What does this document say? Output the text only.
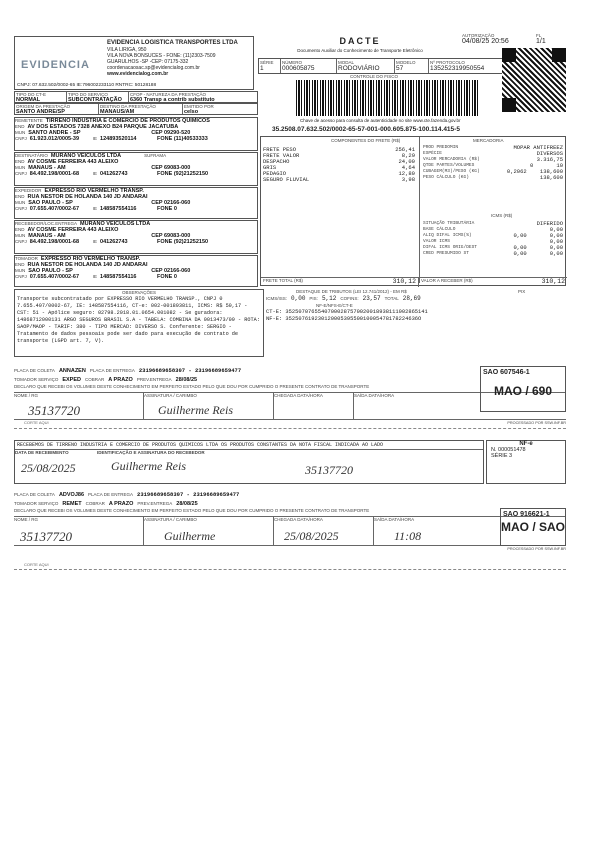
EVIDENCIA
EVIDENCIA LOGISTICA TRANSPORTES LTDA
VILA LIRIGA, 950
VILA NOVA BONSUCES - FONE: (11)2303-7509
GUARULHOS -SP -CEP: 07175-332
coordenacaosac.sp@evidencialog.com.br
www.evidencialog.com.br
CNPJ: 07.632.502/0002-65 IE:796002233110 RNTRC: 50128188
DACTE
Documento Auxiliar do Conhecimento de Transporte Eletrônico
AUTORIZAÇÃO
04/08/25 20:56
FL
1/1
SÉRIE
1
NÚMERO
000605875
MODAL
RODOVIÁRIO
MODELO
57
Nº PROTOCOLO
135252319950554
CONTROLE DO FISCO
Chave de acesso para consulta de autenticidade no site www.cte.fazenda.gov.br
35.2508.07.632.502/0002-65-57-001-000.605.875-100.114.415-5
TIPO DO CT-E
NORMAL
TIPO DO SERVIÇO
SUBCONTRATAÇÃO
CFOP - NATUREZA DA PRESTAÇÃO
6360 Transp a contrib substituto
ORIGEM DA PRESTAÇÃO
SANTO ANDRE/SP
DESTINO DA PRESTAÇÃO
MANAUS/AM
EMITIDO POR
celso
REMETENTE TIRRENO INDUSTRIA E COMERCIO DE PRODUTOS QUIMICOS
END AV DOS ESTADOS 7328 ANEXO B24 PARQUE JACATUBA
MUN SANTO ANDRE - SP	CEP 09290-520
CNPJ 61.923.012/0005-39	IE 124893520114	FONE (11)40533333
DESTINATÁRIO MURANO VEICULOS LTDA	SUFRAMA
END AV COSME FERREIRA 443 ALEIXO
MUN MANAUS - AM	CEP 69083-000
CNPJ 84.492.198/0001-68	IE 041262743	FONE (92)21252150
EXPEDIDOR EXPRESSO RIO VERMELHO TRANSP.
END RUA NESTOR DE HOLANDA 140 JD ANDARAI
MUN SAO PAULO - SP	CEP 02166-060
CNPJ 07.655.407/0002-67	IE 148587554116	FONE 0
RECEBEDOR/LOC.ENTREGA MURANO VEICULOS LTDA
END AV COSME FERREIRA 443 ALEIXO
MUN MANAUS - AM	CEP 69083-000
CNPJ 84.492.198/0001-68	IE 041262743	FONE (92)21252150
TOMADOR EXPRESSO RIO VERMELHO TRANSP.
END RUA NESTOR DE HOLANDA 140 JD ANDARAI
MUN SAO PAULO - SP	CEP 02166-060
CNPJ 07.655.407/0002-67	IE 148587554116	FONE 0
COMPONENTES DO FRETE (R$)	MERCADORIA
FRETE PESO	256,41
FRETE VALOR	8,29
DESPACHO	24,00
GRIS	4,64
PEDAGIO	12,80
SEGURO FLUVIAL	3,98
PROD PREDOMIN	MOPAR ANTIFREEZ
ESPÉCIE	DIVERSOS
VALOR MERCADORIA (R$)	3.316,75
QTDE PARTES/VOLUMES	0       10
CUBAGEM(M3)/PESO (KG)	0,2062    138,600
PESO CÁLCULO (KG)	138,600
ICMS (R$)
SITUAÇÃO TRIBUTÁRIA	DIFERIDO
BASE CÁLCULO	0,00
ALIQ DIFAL ICMS(%)	0,00       0,00
VALOR ICMS	0,00
DIFAL ICMS ORIG/DEST	0,00       0,00
CRED PRESUMIDO ST	0,00       0,00
FRETE TOTAL (R$)	310,12 VALOR A RECEBER (R$)	310,12
OBSERVAÇÕES
Transporte subcontratado por EXPRESSO RIO VERMELHO TRANSP., CNPJ 0 7.655.407/0002-67, IE: 148587554116, CT-e: 002-001893811, ICMS: R$ 50,17 - CST: 51 - Apólice seguro: 02798.2018.01.0654.001082 - Se guradora: 14868712000131 ARGO SEGUROS BRASIL S.A - TABELA: COMBINA DA 0013473/09 - ROTA: SAOP/MAOP - TARIF: 380 - TIPO MERCAD: DIVERSO S. Conferente: SERGIO - Tratamento de dados pessoais pode ser dado para execução de contrato de transporte (LGPD art. 7, V).
DESTAQUE DE TRIBUTOS (LEI 12.741/2012) - EM R$	PIX
ICMS/ISS: 0,00 PIS: 5,12 COFINS: 23,57 TOTAL 28,69
NF-E/NFS-E/CT-E
CT-E: 35250707655407000287570020018938111002865141
NF-E: 35250761923012000539550010005478178224636O
PLACA DE COLETA ANNAZEN PLACA DE ENTREGA 23196689658307 - 23196689659477
TOMADOR SERVIÇO EXPED COBRAR A PRAZO PREV.ENTREGA 28/08/25
DECLARO QUE RECEBI OS VOLUMES DESTE CONHECIMENTO EM PERFEITO ESTADO PELO QUE DOU POR CUMPRIDO O PRESENTE CONTRATO DE TRANSPORTE
NOME / RG
35137720
ASSINATURA / CARIMBO
Guilherme Reis
CHEGADA DATA/HORA	SAÍDA DATA/HORA
SAO 607546-1
MAO / 690
PROCESSADO POR SSW.INF.BR
CORTE AQUI
RECEBEMOS DE TIRRENO INDUSTRIA E COMERCIO DE PRODUTOS QUIMICOS LTDA OS PRODUTOS CONSTANTES DA NOTA FISCAL INDICADA AO LADO
DATA DE RECEBIMENTO	IDENTIFICAÇÃO E ASSINATURA DO RECEBEDOR
25/08/2025	Guilherme Reis	35137720
NF-e
N. 000051478
SÉRIE 3
PLACA DE COLETA ADVOJ86 PLACA DE ENTREGA 23196689658307 - 23196689659477
TOMADOR SERVIÇO REMET COBRAR A PRAZO PREV.ENTREGA 28/08/25
DECLARO QUE RECEBI OS VOLUMES DESTE CONHECIMENTO EM PERFEITO ESTADO PELO QUE DOU POR CUMPRIDO O PRESENTE CONTRATO DE TRANSPORTE
NOME / RG
35137720
ASSINATURA / CARIMBO
Guilherme
CHEGADA DATA/HORA
25/08/2025
SAÍDA DATA/HORA
11:08
SAO 916621-1
MAO / SAO
PROCESSADO POR SSW.INF.BR
CORTE AQUI
